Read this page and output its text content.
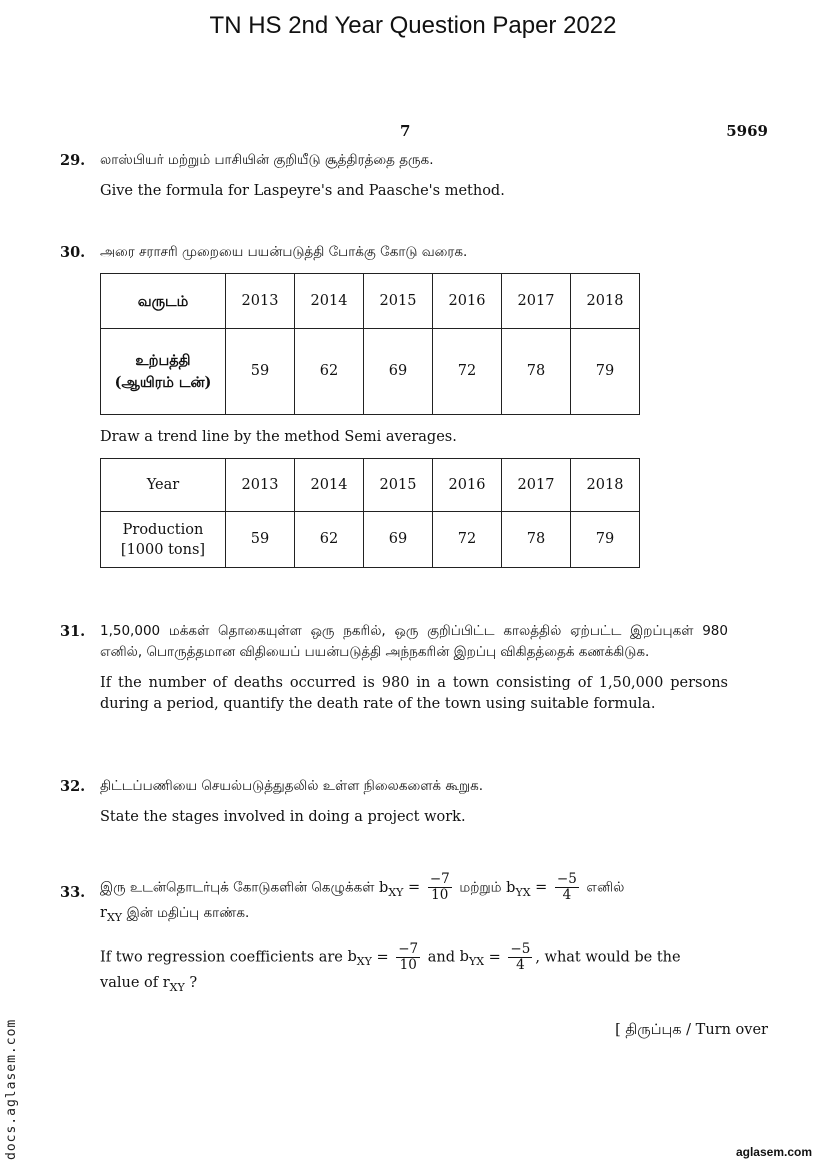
TN HS 2nd Year Question Paper 2022
7	5969
29. லாஸ்பியர் மற்றும் பாசியின் குறியீடு சூத்திரத்தை தருக.

Give the formula for Laspeyre's and Paasche's method.

30. அரை சராசரி முறையை பயன்படுத்தி போக்கு கோடு வரைக.

வருடம்	2013	2014	2015	2016	2017	2018
உற்பத்தி
(ஆயிரம் டன்)	59	62	69	72	78	79

Draw a trend line by the method Semi averages.

Year	2013	2014	2015	2016	2017	2018
Production
[1000 tons]	59	62	69	72	78	79
31. 1,50,000 மக்கள் தொகையுள்ள ஒரு நகரில், ஒரு குறிப்பிட்ட காலத்தில் ஏற்பட்ட இறப்புகள் 980 எனில், பொருத்தமான விதியைப் பயன்படுத்தி அந்நகரின் இறப்பு விகிதத்தைக் கணக்கிடுக.

If the number of deaths occurred is 980 in a town consisting of 1,50,000 persons during a period, quantify the death rate of the town using suitable formula.

32. திட்டப்பணியை செயல்படுத்துதலில் உள்ள நிலைகளைக் கூறுக.

State the stages involved in doing a project work.

33. இரு உடன்தொடர்புக் கோடுகளின் கெழுக்கள் $b_{XY} = \frac{-7}{10}$ மற்றும் $b_{YX} = \frac{-5}{4}$ எனில்
$r_{XY}$ இன் மதிப்பு காண்க.

If two regression coefficients are $b_{XY} = \frac{-7}{10}$ and $b_{YX} = \frac{-5}{4}$ , what would be the
value of $r_{XY}$ ?

[ திருப்புக / Turn over
docs.aglasem.com	aglasem.com
